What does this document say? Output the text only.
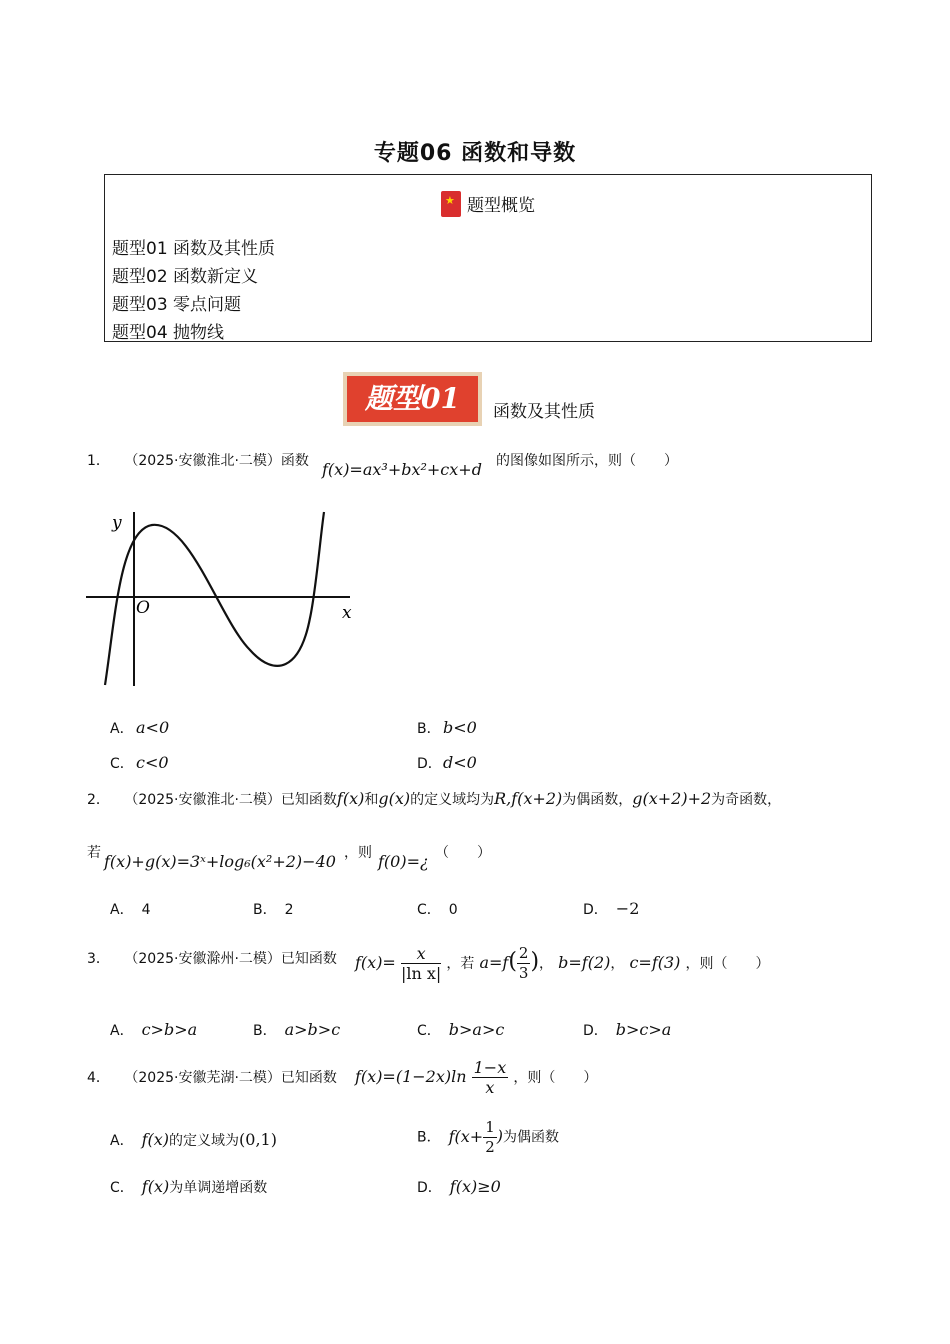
专题06 函数和导数
★题型概览
题型01 函数及其性质
题型02 函数新定义
题型03 零点问题
题型04 抛物线
题型01	函数及其性质
1． （2025·安徽淮北·二模）函数 f(x)=ax³+bx²+cx+d 的图像如图所示，则（　　）
y
x
O
A． a<0	B． b<0
C． c<0	D． d<0
2． （2025·安徽淮北·二模）已知函数f(x)和g(x)的定义域均为R,f(x+2)为偶函数，g(x+2)+2为奇函数，
若 f(x)+g(x)=3ˣ+log₆(x²+2)−40 ，则 f(0)=¿ （　　）
A． 4	B． 2	C． 0	D． −2
3． （2025·安徽滁州·二模）已知函数 $f(x)= \frac{x}{\text{|ln x|}}$ ，若 $a=f( \frac{2}{3}$ )， b=f(2)， c=f(3) ，则（　　）
A． c>b>a	B． a>b>c	C． b>a>c	D． b>c>a
4． （2025·安徽芜湖·二模）已知函数 $f(x)=(1-2x)\ln \frac{1-x}{x}$ ，则（　　）
A． f(x)的定义域为(0,1)	B． $f(x+ \frac{1}{2}$ )为偶函数
C． f(x)为单调递增函数	D． f(x)≥0
